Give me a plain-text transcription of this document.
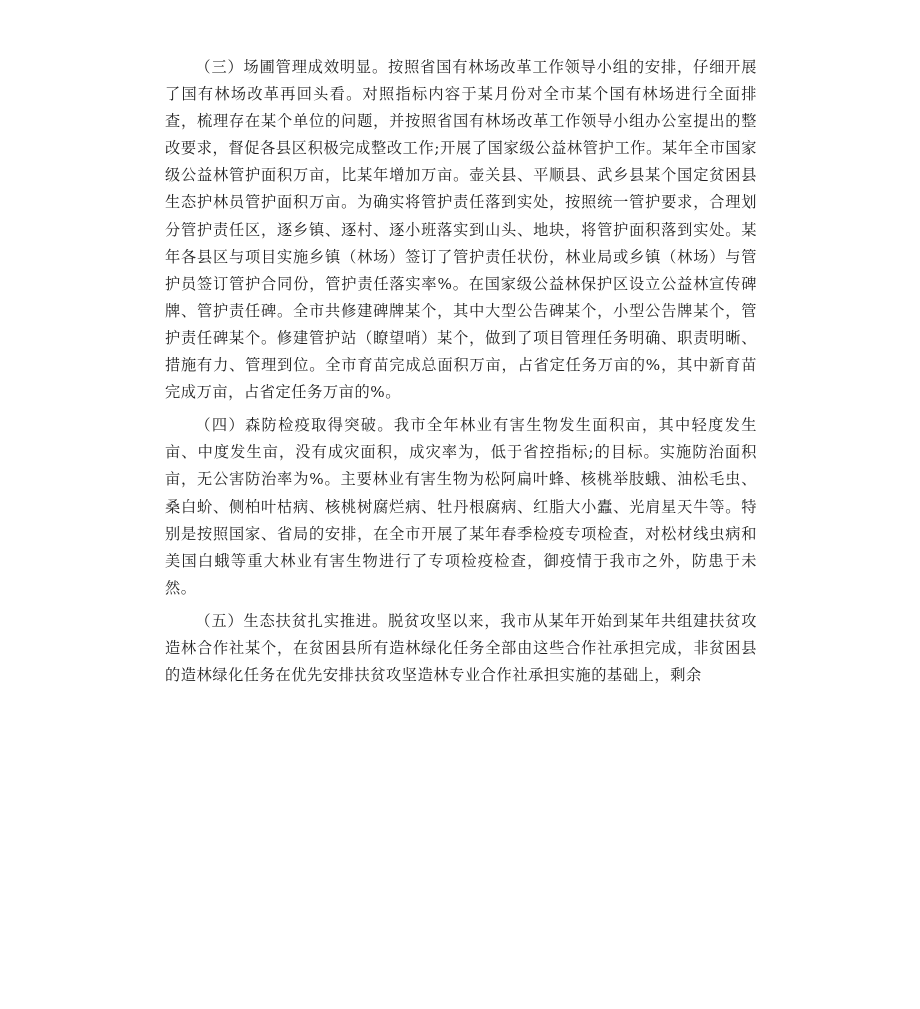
（三）场圃管理成效明显。按照省国有林场改革工作领导小组的安排，仔细开展了国有林场改革再回头看。对照指标内容于某月份对全市某个国有林场进行全面排查，梳理存在某个单位的问题，并按照省国有林场改革工作领导小组办公室提出的整改要求，督促各县区积极完成整改工作;开展了国家级公益林管护工作。某年全市国家级公益林管护面积万亩，比某年增加万亩。壶关县、平顺县、武乡县某个国定贫困县生态护林员管护面积万亩。为确实将管护责任落到实处，按照统一管护要求，合理划分管护责任区，逐乡镇、逐村、逐小班落实到山头、地块，将管护面积落到实处。某年各县区与项目实施乡镇（林场）签订了管护责任状份，林业局或乡镇（林场）与管护员签订管护合同份，管护责任落实率%。在国家级公益林保护区设立公益林宣传碑牌、管护责任碑。全市共修建碑牌某个，其中大型公告碑某个，小型公告牌某个，管护责任碑某个。修建管护站（瞭望哨）某个，做到了项目管理任务明确、职责明晰、措施有力、管理到位。全市育苗完成总面积万亩，占省定任务万亩的%，其中新育苗完成万亩，占省定任务万亩的%。

（四）森防检疫取得突破。我市全年林业有害生物发生面积亩，其中轻度发生亩、中度发生亩，没有成灾面积，成灾率为，低于省控指标;的目标。实施防治面积亩，无公害防治率为%。主要林业有害生物为松阿扁叶蜂、核桃举肢蛾、油松毛虫、桑白蚧、侧柏叶枯病、核桃树腐烂病、牡丹根腐病、红脂大小蠹、光肩星天牛等。特别是按照国家、省局的安排，在全市开展了某年春季检疫专项检查，对松材线虫病和美国白蛾等重大林业有害生物进行了专项检疫检查，御疫情于我市之外，防患于未然。

（五）生态扶贫扎实推进。脱贫攻坚以来，我市从某年开始到某年共组建扶贫攻造林合作社某个，在贫困县所有造林绿化任务全部由这些合作社承担完成，非贫困县的造林绿化任务在优先安排扶贫攻坚造林专业合作社承担实施的基础上，剩余
